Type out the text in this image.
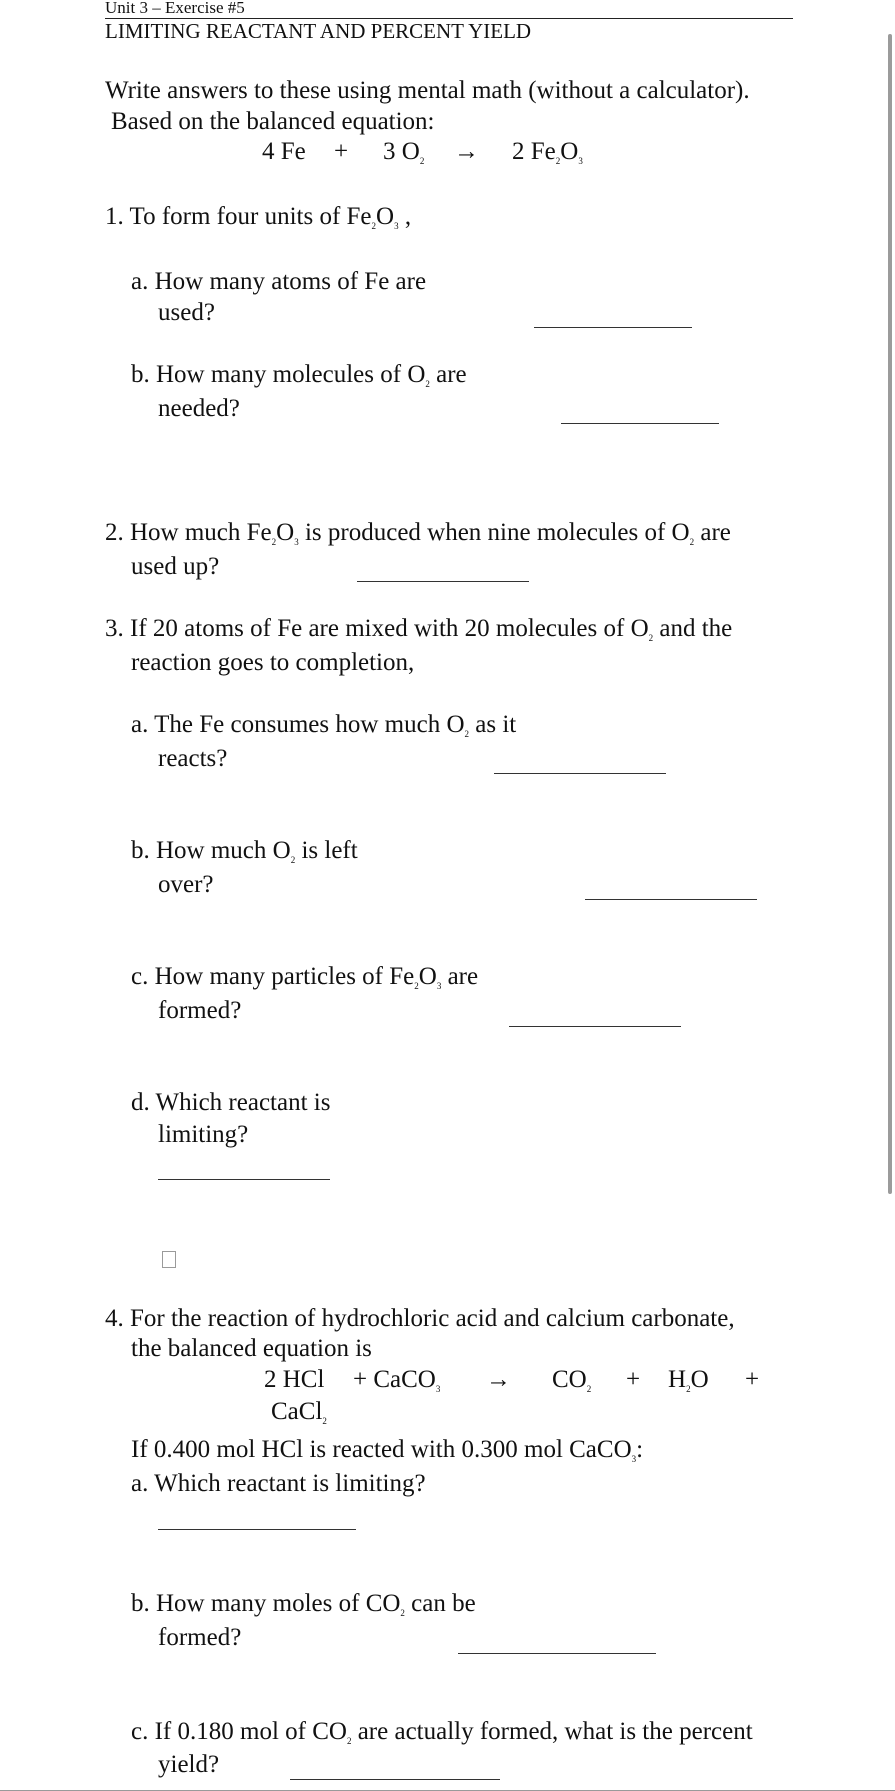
Unit 3 – Exercise #5
LIMITING REACTANT AND PERCENT YIELD
Write answers to these using mental math (without a calculator).
Based on the balanced equation:
4 Fe + 3 $O_2 \to 2$ $Fe_2O_3$
1. To form four units of $Fe_2O_3$ ,
a. How many atoms of Fe are
used?
b. How many molecules of $O_2$ are
needed?
2. How much $Fe_2O_3$ is produced when nine molecules of $O_2$ are
used up?
3. If 20 atoms of Fe are mixed with 20 molecules of $O_2$ and the
reaction goes to completion,
a. The Fe consumes how much $O_2$ as it
reacts?
b. How much $O_2$ is left
over?
c. How many particles of $Fe_2O_3$ are
formed?
d. Which reactant is
limiting?
4. For the reaction of hydrochloric acid and calcium carbonate,
the balanced equation is
2 HCl + CaCO$_3$ → $CO_2 + H_2O$ +
CaCl$_2$
If 0.400 mol HCl is reacted with 0.300 mol CaCO$_3$:
a. Which reactant is limiting?
b. How many moles of $CO_2$ can be
formed?
c. If 0.180 mol of $CO_2$ are actually formed, what is the percent
yield?
